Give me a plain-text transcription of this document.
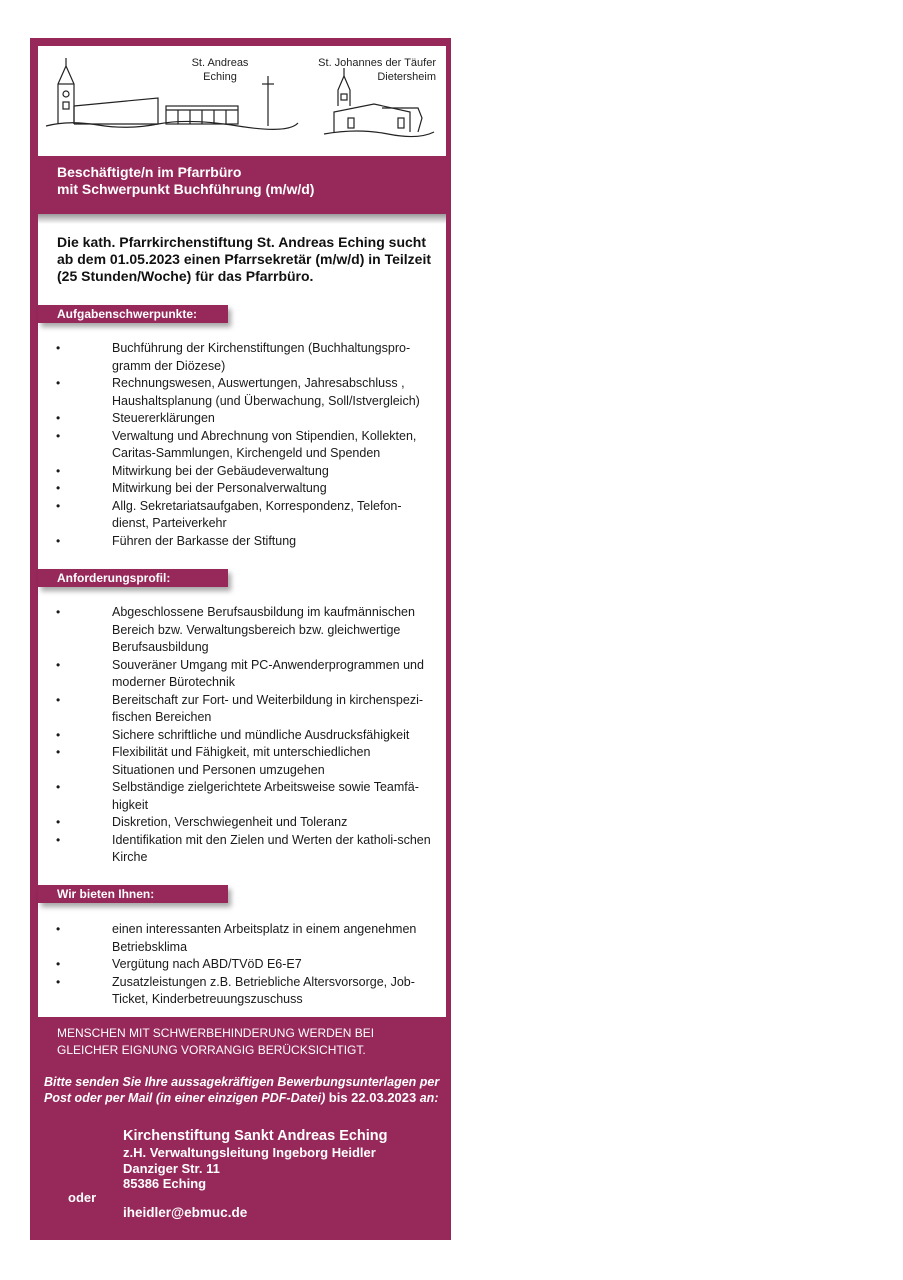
St. Andreas
Eching
St. Johannes der Täufer
Dietersheim
Beschäftigte/n im Pfarrbüro
mit Schwerpunkt Buchführung (m/w/d)
Die kath. Pfarrkirchenstiftung St. Andreas Eching sucht ab dem 01.05.2023 einen Pfarrsekretär (m/w/d) in Teilzeit (25 Stunden/Woche) für das Pfarrbüro.
Aufgabenschwerpunkte:
•	Buchführung der Kirchenstiftungen (Buchhaltungspro-gramm der Diözese)
•	Rechnungswesen, Auswertungen, Jahresabschluss , Haushaltsplanung (und Überwachung, Soll/Istvergleich)
•	Steuererklärungen
•	Verwaltung und Abrechnung von Stipendien, Kollekten, Caritas-Sammlungen, Kirchengeld und Spenden
•	Mitwirkung bei der Gebäudeverwaltung
•	Mitwirkung bei der Personalverwaltung
•	Allg. Sekretariatsaufgaben, Korrespondenz, Telefon-dienst, Parteiverkehr
•	Führen der Barkasse der Stiftung
Anforderungsprofil:
•	Abgeschlossene Berufsausbildung im kaufmännischen Bereich bzw. Verwaltungsbereich bzw. gleichwertige Berufsausbildung
•	Souveräner Umgang mit PC-Anwenderprogrammen und moderner Bürotechnik
•	Bereitschaft zur Fort- und Weiterbildung in kirchenspezi-fischen Bereichen
•	Sichere schriftliche und mündliche Ausdrucksfähigkeit
•	Flexibilität und Fähigkeit, mit unterschiedlichen Situationen und Personen umzugehen
•	Selbständige zielgerichtete Arbeitsweise sowie Teamfä-higkeit
•	Diskretion, Verschwiegenheit und Toleranz
•	Identifikation mit den Zielen und Werten der katholi-schen Kirche
Wir bieten Ihnen:
•	einen interessanten Arbeitsplatz in einem angenehmen Betriebsklima
•	Vergütung nach ABD/TVöD E6-E7
•	Zusatzleistungen z.B. Betriebliche Altersvorsorge, Job-Ticket, Kinderbetreuungszuschuss
MENSCHEN MIT SCHWERBEHINDERUNG WERDEN BEI GLEICHER EIGNUNG VORRANGIG BERÜCKSICHTIGT.
Bitte senden Sie Ihre aussagekräftigen Bewerbungsunterlagen per Post oder per Mail (in einer einzigen PDF-Datei) bis 22.03.2023 an:
Kirchenstiftung Sankt Andreas Eching
z.H. Verwaltungsleitung Ingeborg Heidler
Danziger Str. 11
85386 Eching
oder
iheidler@ebmuc.de
